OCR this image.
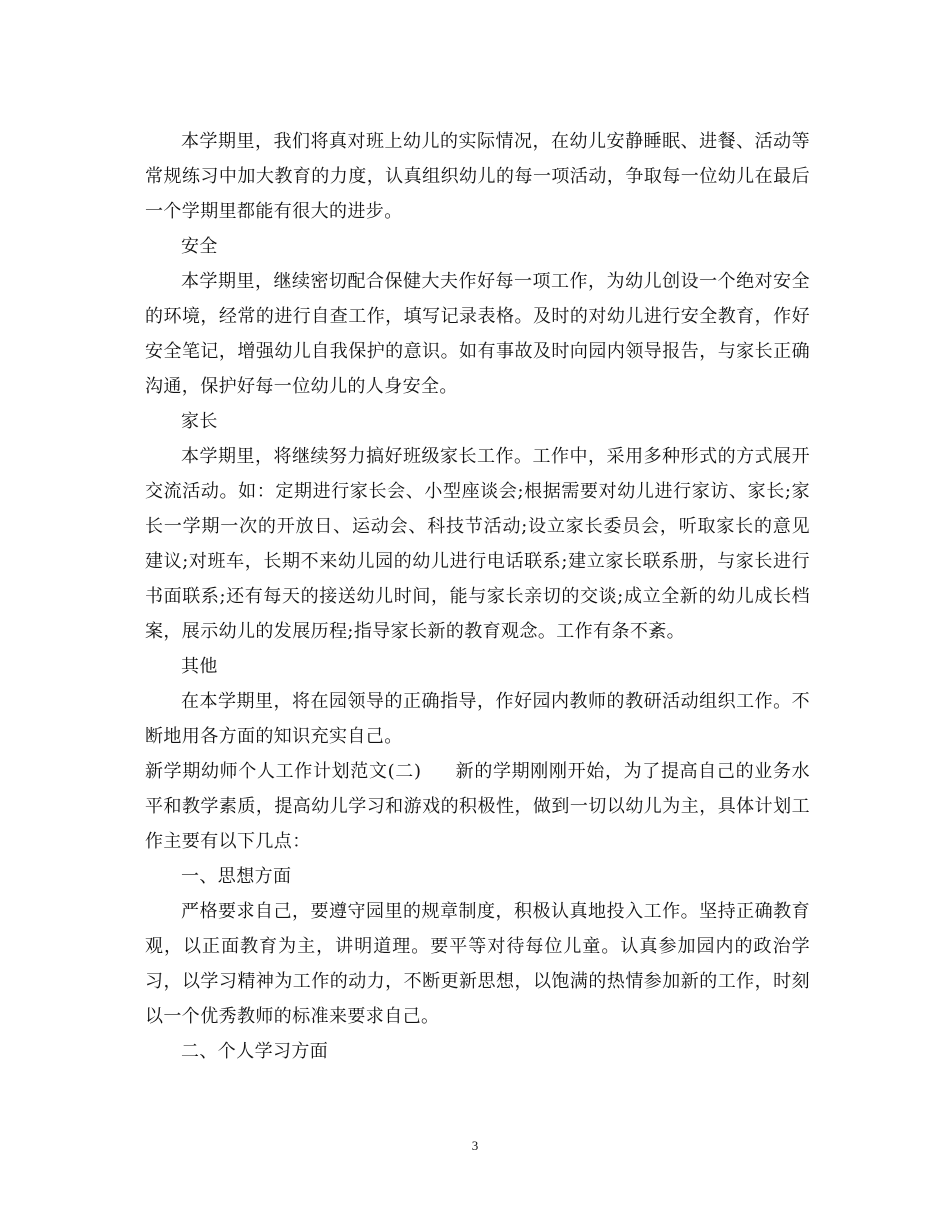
本学期里，我们将真对班上幼儿的实际情况，在幼儿安静睡眠、进餐、活动等常规练习中加大教育的力度，认真组织幼儿的每一项活动，争取每一位幼儿在最后一个学期里都能有很大的进步。

安全

本学期里，继续密切配合保健大夫作好每一项工作，为幼儿创设一个绝对安全的环境，经常的进行自查工作，填写记录表格。及时的对幼儿进行安全教育，作好安全笔记，增强幼儿自我保护的意识。如有事故及时向园内领导报告，与家长正确沟通，保护好每一位幼儿的人身安全。

家长

本学期里，将继续努力搞好班级家长工作。工作中，采用多种形式的方式展开交流活动。如：定期进行家长会、小型座谈会;根据需要对幼儿进行家访、家长;家长一学期一次的开放日、运动会、科技节活动;设立家长委员会，听取家长的意见建议;对班车，长期不来幼儿园的幼儿进行电话联系;建立家长联系册，与家长进行书面联系;还有每天的接送幼儿时间，能与家长亲切的交谈;成立全新的幼儿成长档案，展示幼儿的发展历程;指导家长新的教育观念。工作有条不紊。

其他

在本学期里，将在园领导的正确指导，作好园内教师的教研活动组织工作。不断地用各方面的知识充实自己。

新学期幼师个人工作计划范文(二) 新的学期刚刚开始，为了提高自己的业务水平和教学素质，提高幼儿学习和游戏的积极性，做到一切以幼儿为主，具体计划工作主要有以下几点：

一、思想方面

严格要求自己，要遵守园里的规章制度，积极认真地投入工作。坚持正确教育观，以正面教育为主，讲明道理。要平等对待每位儿童。认真参加园内的政治学习，以学习精神为工作的动力，不断更新思想，以饱满的热情参加新的工作，时刻以一个优秀教师的标准来要求自己。

二、个人学习方面

3
